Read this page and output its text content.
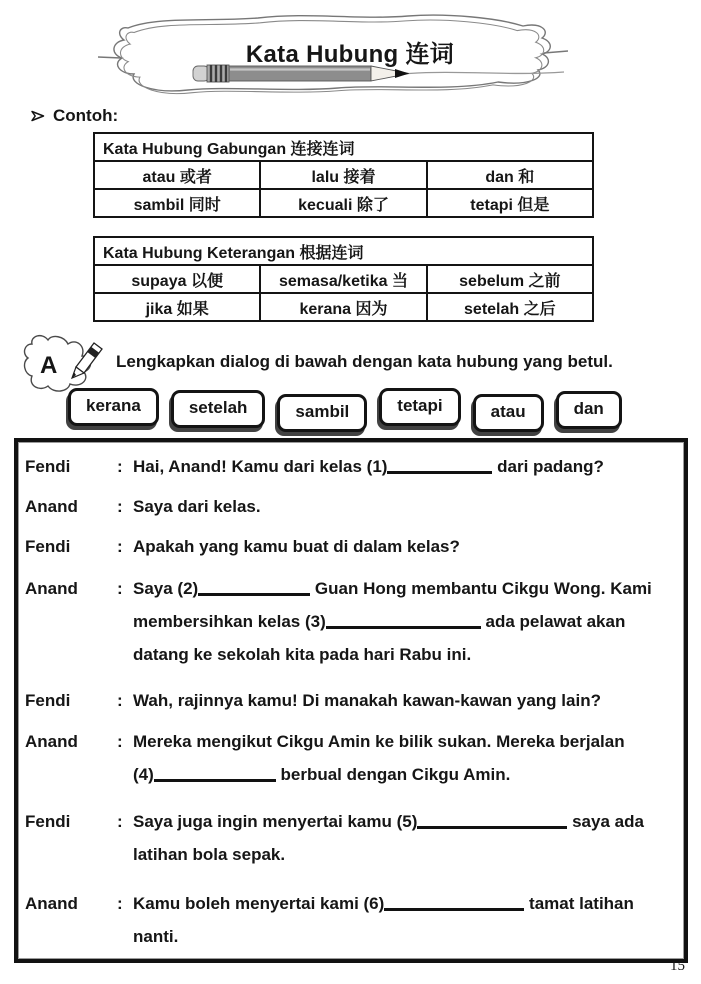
Kata Hubung 连词
Contoh:
Kata Hubung Gabungan 连接连词		
atau 或者	lalu 接着	dan 和
sambil 同时	kecuali 除了	tetapi 但是
Kata Hubung Keterangan 根据连词		
supaya 以便	semasa/ketika 当	sebelum 之前
jika 如果	kerana 因为	setelah 之后
A	Lengkapkan dialog di bawah dengan kata hubung yang betul.
kerana	setelah	sambil	tetapi	atau	dan
Fendi	: Hai, Anand! Kamu dari kelas (1)	dari padang?
Anand	: Saya dari kelas.
Fendi	: Apakah yang kamu buat di dalam kelas?
Anand	: Saya (2)	Guan Hong membantu Cikgu Wong. Kami
membersihkan kelas (3)	ada pelawat akan
datang ke sekolah kita pada hari Rabu ini.
Fendi	: Wah, rajinnya kamu! Di manakah kawan-kawan yang lain?
Anand	: Mereka mengikut Cikgu Amin ke bilik sukan. Mereka berjalan
(4)	berbual dengan Cikgu Amin.
Fendi	: Saya juga ingin menyertai kamu (5)	saya ada
latihan bola sepak.
Anand	: Kamu boleh menyertai kami (6)	tamat latihan
nanti.
15
